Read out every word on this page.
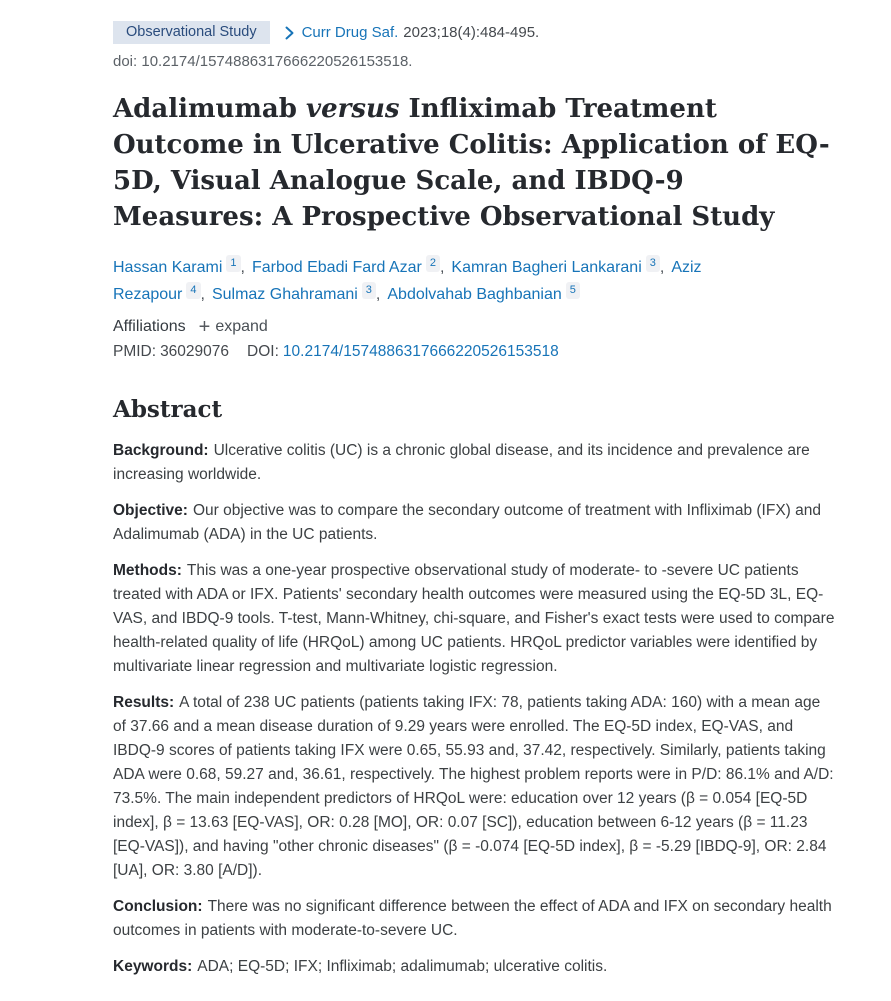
Observational Study	Curr Drug Saf. 2023;18(4):484-495.
doi: 10.2174/1574886317666220526153518.
Adalimumab versus Infliximab Treatment Outcome in Ulcerative Colitis: Application of EQ-5D, Visual Analogue Scale, and IBDQ-9 Measures: A Prospective Observational Study
Hassan Karami $^1$ , Farbod Ebadi Fard Azar $^2$ , Kamran Bagheri Lankarani $^3$ , Aziz Rezapour $^4$ , Sulmaz Ghahramani $^3$ , Abdolvahab Baghbanian $^5$
Affiliations + expand
PMID: 36029076 DOI: 10.2174/1574886317666220526153518
Abstract

Background: Ulcerative colitis (UC) is a chronic global disease, and its incidence and prevalence are increasing worldwide.

Objective: Our objective was to compare the secondary outcome of treatment with Infliximab (IFX) and Adalimumab (ADA) in the UC patients.

Methods: This was a one-year prospective observational study of moderate- to -severe UC patients treated with ADA or IFX. Patients' secondary health outcomes were measured using the EQ-5D 3L, EQ-VAS, and IBDQ-9 tools. T-test, Mann-Whitney, chi-square, and Fisher's exact tests were used to compare health-related quality of life (HRQoL) among UC patients. HRQoL predictor variables were identified by multivariate linear regression and multivariate logistic regression.

Results: A total of 238 UC patients (patients taking IFX: 78, patients taking ADA: 160) with a mean age of 37.66 and a mean disease duration of 9.29 years were enrolled. The EQ-5D index, EQ-VAS, and IBDQ-9 scores of patients taking IFX were 0.65, 55.93 and, 37.42, respectively. Similarly, patients taking ADA were 0.68, 59.27 and, 36.61, respectively. The highest problem reports were in P/D: 86.1% and A/D: 73.5%. The main independent predictors of HRQoL were: education over 12 years (β = 0.054 [EQ-5D index], β = 13.63 [EQ-VAS], OR: 0.28 [MO], OR: 0.07 [SC]), education between 6-12 years (β = 11.23 [EQ-VAS]), and having "other chronic diseases" (β = -0.074 [EQ-5D index], β = -5.29 [IBDQ-9], OR: 2.84 [UA], OR: 3.80 [A/D]).

Conclusion: There was no significant difference between the effect of ADA and IFX on secondary health outcomes in patients with moderate-to-severe UC.

Keywords: ADA; EQ-5D; IFX; Infliximab; adalimumab; ulcerative colitis.
